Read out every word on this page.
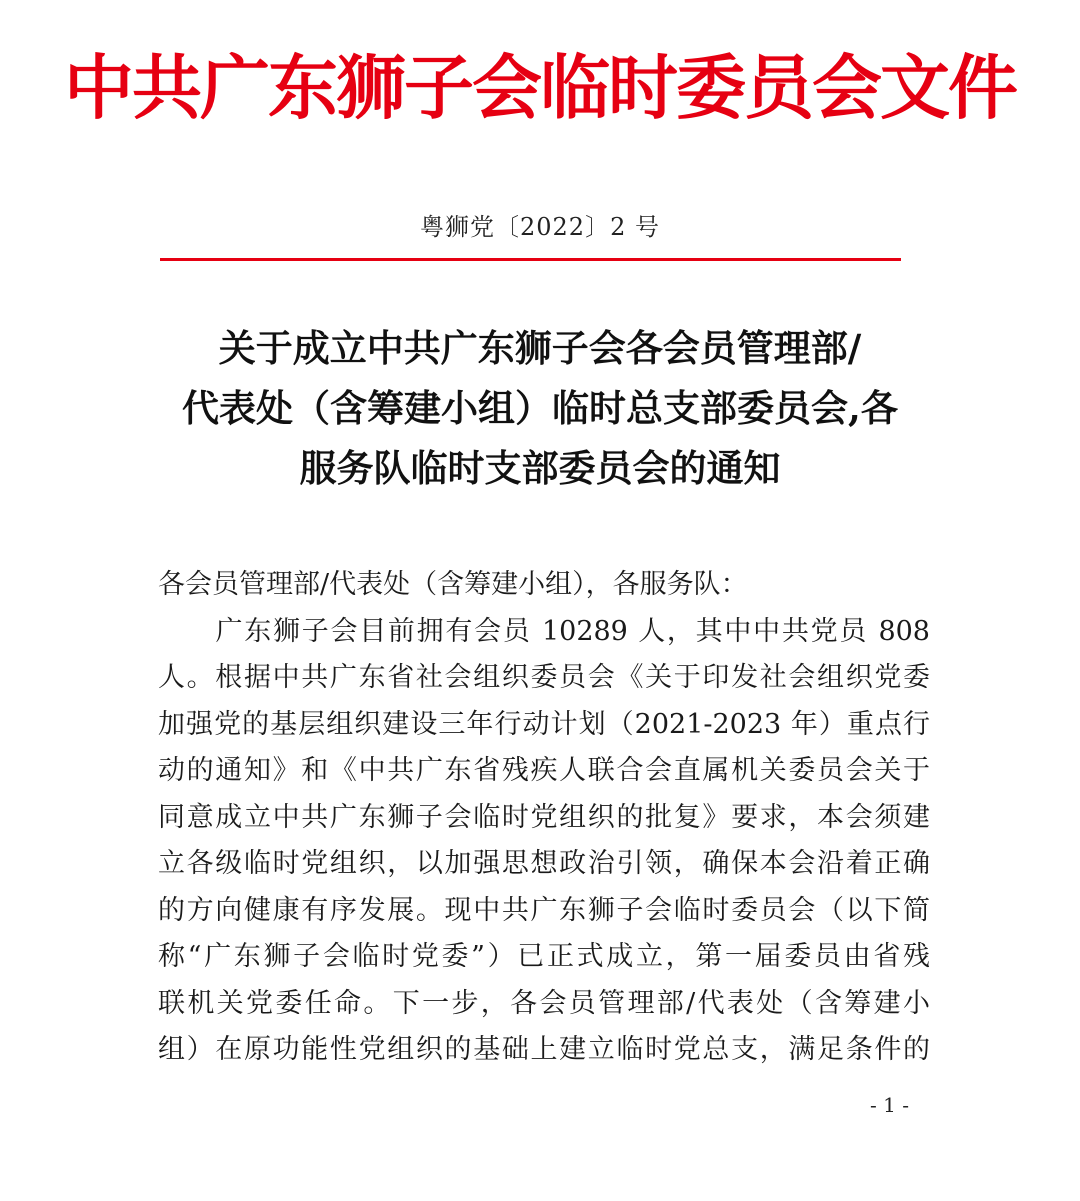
中共广东狮子会临时委员会文件
粤狮党〔2022〕2 号
关于成立中共广东狮子会各会员管理部/
代表处（含筹建小组）临时总支部委员会,各
服务队临时支部委员会的通知
各会员管理部/代表处（含筹建小组），各服务队：
　　广东狮子会目前拥有会员 10289 人，其中中共党员 808
人。根据中共广东省社会组织委员会《关于印发社会组织党委
加强党的基层组织建设三年行动计划（2021-2023 年）重点行
动的通知》和《中共广东省残疾人联合会直属机关委员会关于
同意成立中共广东狮子会临时党组织的批复》要求，本会须建
立各级临时党组织，以加强思想政治引领，确保本会沿着正确
的方向健康有序发展。现中共广东狮子会临时委员会（以下简
称“广东狮子会临时党委”）已正式成立，第一届委员由省残
联机关党委任命。下一步，各会员管理部/代表处（含筹建小
组）在原功能性党组织的基础上建立临时党总支，满足条件的
- 1 -
